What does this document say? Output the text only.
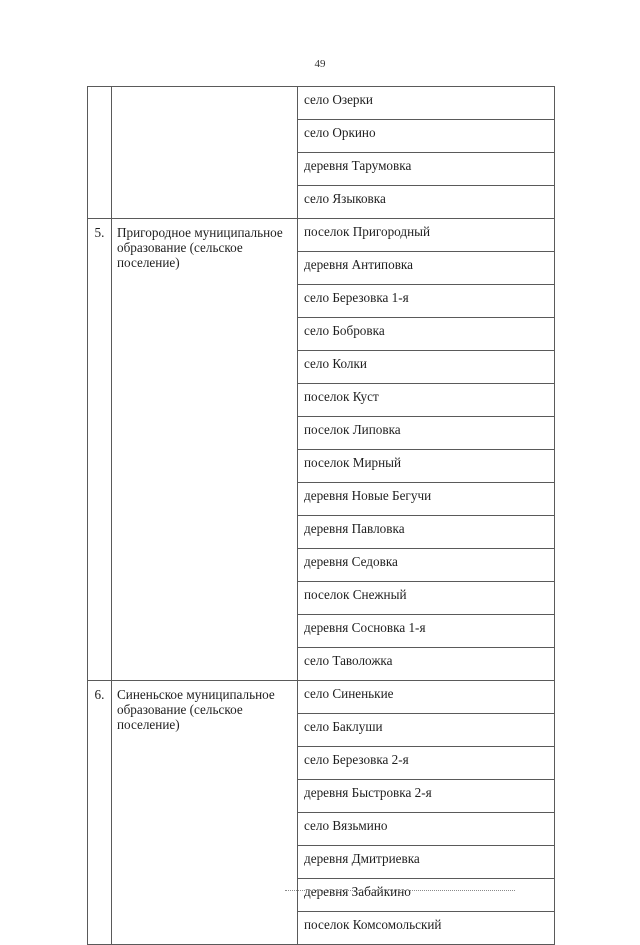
49
		село Озерки
		село Оркино
		деревня Тарумовка
		село Языковка
5.	Пригородное муниципальное образование (сельское поселение)	поселок Пригородный
		деревня Антиповка
		село Березовка 1-я
		село Бобровка
		село Колки
		поселок Куст
		поселок Липовка
		поселок Мирный
		деревня Новые Бегучи
		деревня Павловка
		деревня Седовка
		поселок Снежный
		деревня Сосновка 1-я
		село Таволожка
6.	Синеньское муниципальное образование (сельское поселение)	село Синенькие
		село Баклуши
		село Березовка 2-я
		деревня Быстровка 2-я
		село Вязьмино
		деревня Дмитриевка
		деревня Забайкино
		поселок Комсомольский
